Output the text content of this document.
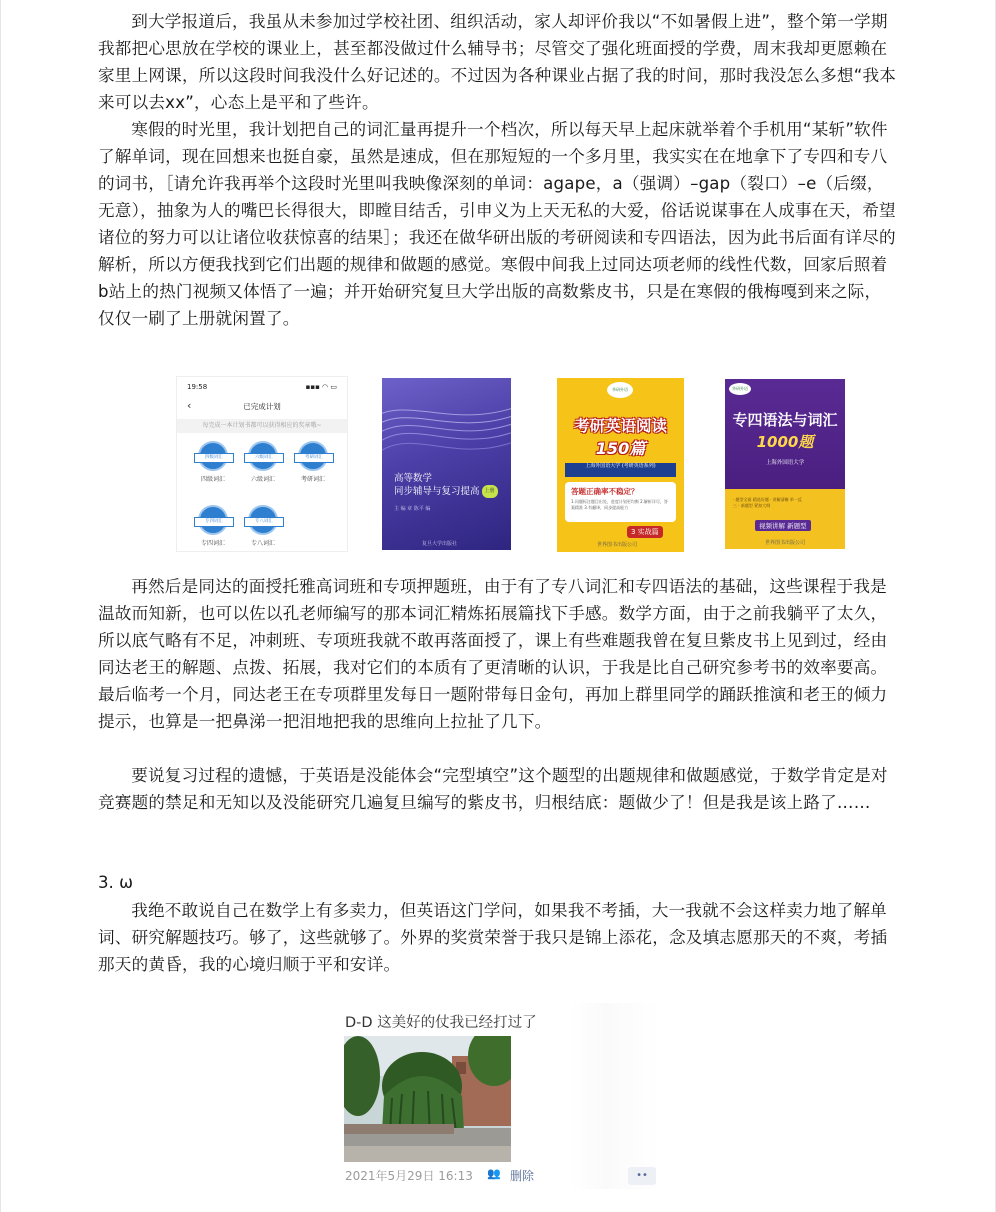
到大学报道后，我虽从未参加过学校社团、组织活动，家人却评价我以“不如暑假上进”，整个第一学期我都把心思放在学校的课业上，甚至都没做过什么辅导书；尽管交了强化班面授的学费，周末我却更愿赖在家里上网课，所以这段时间我没什么好记述的。不过因为各种课业占据了我的时间，那时我没怎么多想“我本来可以去xx”，心态上是平和了些许。

寒假的时光里，我计划把自己的词汇量再提升一个档次，所以每天早上起床就举着个手机用“某斩”软件了解单词，现在回想来也挺自豪，虽然是速成，但在那短短的一个多月里，我实实在在地拿下了专四和专八的词书，［请允许我再举个这段时光里叫我映像深刻的单词：agape，a（强调）–gap（裂口）–e（后缀，无意），抽象为人的嘴巴长得很大，即瞠目结舌，引申义为上天无私的大爱，俗话说谋事在人成事在天，希望诸位的努力可以让诸位收获惊喜的结果］；我还在做华研出版的考研阅读和专四语法，因为此书后面有详尽的解析，所以方便我找到它们出题的规律和做题的感觉。寒假中间我上过同达项老师的线性代数，回家后照着b站上的热门视频又体悟了一遍；并开始研究复旦大学出版的高数紫皮书，只是在寒假的俄梅嘎到来之际，仅仅一刷了上册就闲置了。

19:58	▪▪▪ ◠ ▭
‹	已完成计划
每完成一本计划书都可以获得相应的奖章哦~
四级词汇
四级词汇
六级词汇
六级词汇
考研词汇
考研词汇
专四词汇
专四词汇
专八词汇
专八词汇
高等数学
同步辅导与复习提高 上册
主 编 章 陈平 编
复旦大学出版社
华研外语
考研英语阅读
150篇
上海外国语大学 (考研英语系列)
答题正确率不稳定？
1.问题标注题目出处，进度计划更均衡 2.解析详尽，答案精准 3.有翻译，同步提高能力
3 实战篇
世界图书出版公司
华研外语
专四语法与词汇
1000题
上海外国语大学
· 题型全面 精选好题 · 讲解清晰 举一反三 · 新题型 紧扣大纲
视频讲解 新题型
世界图书出版公司

再然后是同达的面授托雅高词班和专项押题班，由于有了专八词汇和专四语法的基础，这些课程于我是温故而知新，也可以佐以孔老师编写的那本词汇精炼拓展篇找下手感。数学方面，由于之前我躺平了太久，所以底气略有不足，冲刺班、专项班我就不敢再落面授了，课上有些难题我曾在复旦紫皮书上见到过，经由同达老王的解题、点拨、拓展，我对它们的本质有了更清晰的认识，于我是比自己研究参考书的效率要高。最后临考一个月，同达老王在专项群里发每日一题附带每日金句，再加上群里同学的踊跃推演和老王的倾力提示，也算是一把鼻涕一把泪地把我的思维向上拉扯了几下。

要说复习过程的遗憾，于英语是没能体会“完型填空”这个题型的出题规律和做题感觉，于数学肯定是对竞赛题的禁足和无知以及没能研究几遍复旦编写的紫皮书，归根结底：题做少了！但是我是该上路了……

3. ω

我绝不敢说自己在数学上有多卖力，但英语这门学问，如果我不考插，大一我就不会这样卖力地了解单词、研究解题技巧。够了，这些就够了。外界的奖赏荣誉于我只是锦上添花，念及填志愿那天的不爽，考插那天的黄昏，我的心境归顺于平和安详。

D-D 这美好的仗我已经打过了
2021年5月29日 16:13 👥 删除	••
